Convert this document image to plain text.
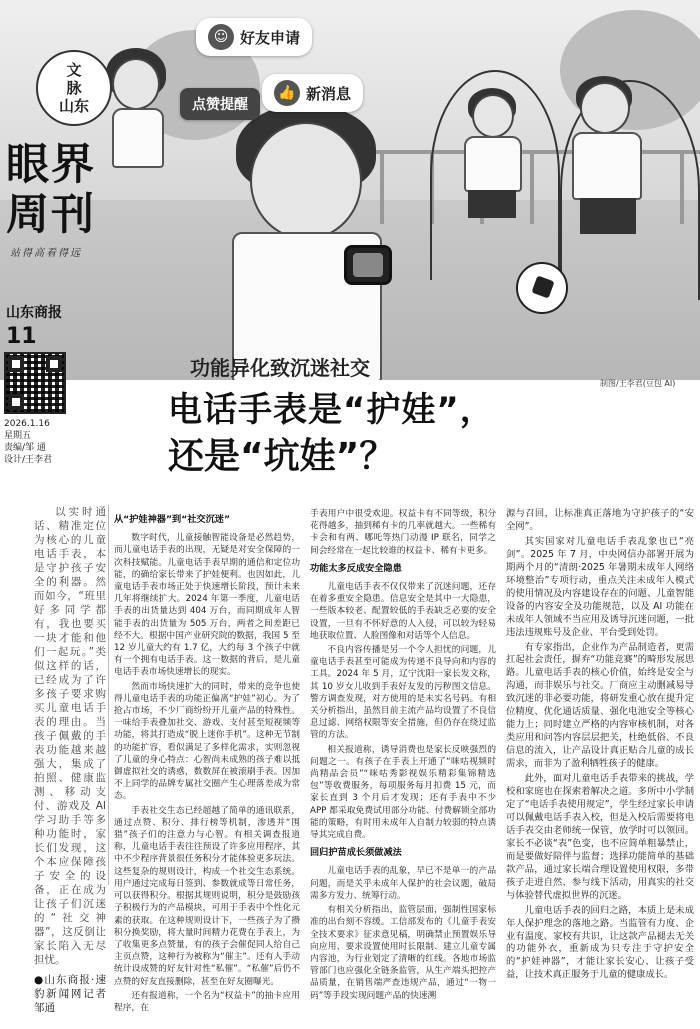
☺ 好友申请
点赞提醒
👍 新消息
文
脉
山东
眼界周刊
站得高看得远
山东商报
11
2026.1.16
星期五
责编/邹 通
设计/王李君
功能异化致沉迷社交
制图/王李君(豆包 AI)
电话手表是“护娃”，
还是“坑娃”？

以实时通话、精准定位为核心的儿童电话手表，本是守护孩子安全的利器。然而如今，“班里好多同学都有，我也要买一块才能和他们一起玩。”类似这样的话，已经成为了许多孩子要求购买儿童电话手表的理由。当孩子佩戴的手表功能越来越强大，集成了拍照、健康监测、移动支付、游戏及 AI 学习助手等多种功能时，家长们发现，这个本应保障孩子安全的设备，正在成为让孩子们沉迷的“社交神器”，这反倒让家长陷入无尽担忧。

●山东商报·速豹新闻网记者 邹通

从“护娃神器”到“社交沉迷”

数字时代，儿童接触智能设备是必然趋势，而儿童电话手表的出现，无疑是对安全保障的一次科技赋能。儿童电话手表早期的通信和定位功能，的确给家长带来了护娃便利。也因如此，儿童电话手表市场正处于快速增长阶段，预计未来几年将继续扩大。2024 年第一季度，儿童电话手表的出货量达到 404 万台，而同期成年人智能手表的出货量为 505 万台，两者之间差距已经不大。根据中国产业研究院的数据，我国 5 至 12 岁儿童大约有 1.7 亿，大约每 3 个孩子中就有一个拥有电话手表。这一数据的背后，是儿童电话手表市场快速增长的现实。

然而市场快速扩大的同时，带来的竞争也使得儿童电话手表的功能正偏离“护娃”初心。为了抢占市场，不少厂商纷纷开儿童产品的特殊性。一味给手表叠加社交、游戏、支付甚至短视频等功能，将其打造成“脱上迷你手机”。这种无节制的功能扩容，看似满足了多样化需求，实则忽视了儿童的身心特点：心智尚未成熟的孩子难以抵御虚拟社交的诱惑，数数屏在被滚刷手表。因加不上同学的品牌专属社交圈产生心理落差成为常态。

手表社交生态已经超越了简单的通讯联系，通过点赞、积分、排行榜等机制，渗透并“围猎”孩子们的注意力与心智。有相关调查报道称，儿童电话手表往往预设了许多应用程序，其中不少程序背景很任务积分才能体验更多玩法。这些复杂的规则设计，构成一个社交生态系统。用户通过完成每日签到、参数就成等日常任务，可以获得积分。根据其规则说明，积分是鼓励孩子积极行为的产品模块，可用于手表中个性化元素的获取。在这种规则设计下，一些孩子为了攒积分换奖励，将大量时间精力花费在手表上，为了收集更多点赞量，有的孩子会催促同人给自己主页点赞，这种行为被称为“催主”。还有人手动统计设成赞的好友针对性“私催”。“私催”后仍不点赞的好友直接删除，甚至在好友圈曝光。

还有报道称，一个名为“权益卡”的抽卡应用程序，在

手表用户中很受欢迎。权益卡有不同等级，积分花得越多，抽到稀有卡的几率就越大。一些稀有卡会和有两、哪吒等热门动漫 IP 联名，同学之间会经常在一起比较谁的权益卡、稀有卡更多。

功能太多反成安全隐患

儿童电话手表不仅仅带来了沉迷问题，还存在着多重安全隐患。信息安全是其中一大隐患，一些版本较老、配置较低的手表缺乏必要的安全设置，一旦有不怀好意的人入侵，可以较为轻易地获取位置、人脸图像和对话等个人信息。

不良内容传播是另一个令人担忧的问题，儿童电话手表甚至可能成为传递不良导向和内容的工具。2024 年 5 月，辽宁沈阳一家长发文称，其 10 岁女儿收到手表好友发的污秽图文信息。警方调查发现，对方使用的是未实名号码。有相关分析指出，虽然目前主流产品均设置了不良信息过滤、网络权限等安全措施，但仍存在绕过监管的方法。

相关报道称，诱导消费也是家长反映强烈的问题之一。有孩子在手表上开通了“咪咕视频时尚精品会员”“咪咕秀影视娱乐精彩集锦精选包”等收费服务，每项服务每月扣费 15 元，而家长直到 3 个月后才发现；还有手表中不少 APP 都采取免费试用部分功能、付费解锁全部功能的策略，有时用未成年人自制力较弱的特点诱导其完成自费。

回归护苗成长须做减法

儿童电话手表的乱象，早已不是单一的产品问题，而是关乎未成年人保护的社会议题，破局需多方发力、统筹行动。

有相关分析指出，监管层面，强制性国家标准的出台刻不容缓。工信部发布的《儿童手表安全技术要求》征求意见稿，明确禁止预置娱乐导向应用、要求设置使用时长限制、建立儿童专属内容池，为行业划定了清晰的红线。各地市场监管部门也应强化全链条监管，从生产端头把控产品质量，在销售端严查违规产品，通过“一物一码”等手段实现问题产品的快速溯

源与召回，让标准真正落地为守护孩子的“安全网”。

其实国家对儿童电话手表乱象也已“亮剑”。2025 年 7 月，中央网信办部署开展为期两个月的“清朗·2025 年暑期未成年人网络环境整治”专项行动，重点关注未成年人模式的使用情况及内容建设存在的问题、儿童智能设备的内容安全及功能规范，以及 AI 功能在未成年人领域不当应用及诱导沉迷问题，一批违法违规账号及企业、平台受到处罚。

有专家指出，企业作为产品制造者，更需扛起社会责任，摒弃“功能竞赛”的畸形发展思路。儿童电话手表的核心价值，始终是安全与沟通，而非娱乐与社交。厂商应主动删减易导致沉迷的非必要功能，将研发重心放在提升定位精度、优化通话质量、强化电池安全等核心能力上；同时建立严格的内容审核机制，对各类应用和问答内容层层把关，杜绝低俗、不良信息的流入，让产品设计真正贴合儿童的成长需求，而非为了盈利牺牲孩子的健康。

此外，面对儿童电话手表带来的挑战，学校和家庭也在探索着解决之道。多所中小学制定了“电话手表使用规定”，学生经过家长申请可以佩戴电话手表入校，但是入校后需要将电话手表交由老师统一保管，放学时可以领回。家长不必谈“表”色变，也不应简单粗暴禁止，而是要做好陪伴与监督；选择功能简单的基础款产品，通过家长端合理设置使用权限，多带孩子走进自然、参与线下活动，用真实的社交与体验替代虚拟世界的沉迷。

儿童电话手表的回归之路，本质上是未成年人保护理念的落地之路。当监管有力度、企业有温度、家校有共识，让这款产品褪去无关的功能外衣，重新成为只专注于守护安全的“护娃神器”，才能让家长安心、让孩子受益，让技术真正服务于儿童的健康成长。
